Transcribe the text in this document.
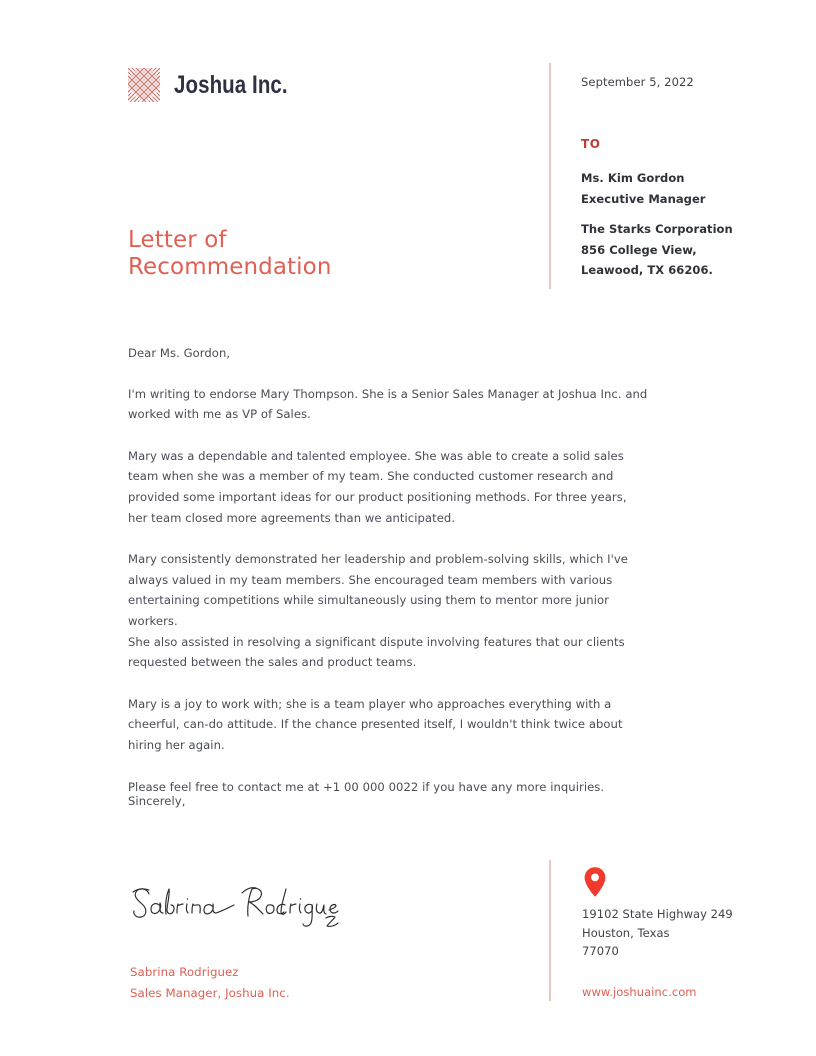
Joshua Inc.	September 5, 2022
TO
Ms. Kim Gordon
Executive Manager
The Starks Corporation
856 College View,
Leawood, TX 66206.
Letter of
Recommendation

Dear Ms. Gordon,

I'm writing to endorse Mary Thompson. She is a Senior Sales Manager at Joshua Inc. and worked with me as VP of Sales.

Mary was a dependable and talented employee. She was able to create a solid sales team when she was a member of my team. She conducted customer research and provided some important ideas for our product positioning methods. For three years, her team closed more agreements than we anticipated.

Mary consistently demonstrated her leadership and problem-solving skills, which I've always valued in my team members. She encouraged team members with various entertaining competitions while simultaneously using them to mentor more junior workers.

She also assisted in resolving a significant dispute involving features that our clients requested between the sales and product teams.

Mary is a joy to work with; she is a team player who approaches everything with a cheerful, can-do attitude. If the chance presented itself, I wouldn't think twice about hiring her again.

Please feel free to contact me at +1 00 000 0022 if you have any more inquiries.

Sincerely,
Sabrina Rodriguez
Sales Manager, Joshua Inc.
19102 State Highway 249
Houston, Texas
77070
www.joshuainc.com
